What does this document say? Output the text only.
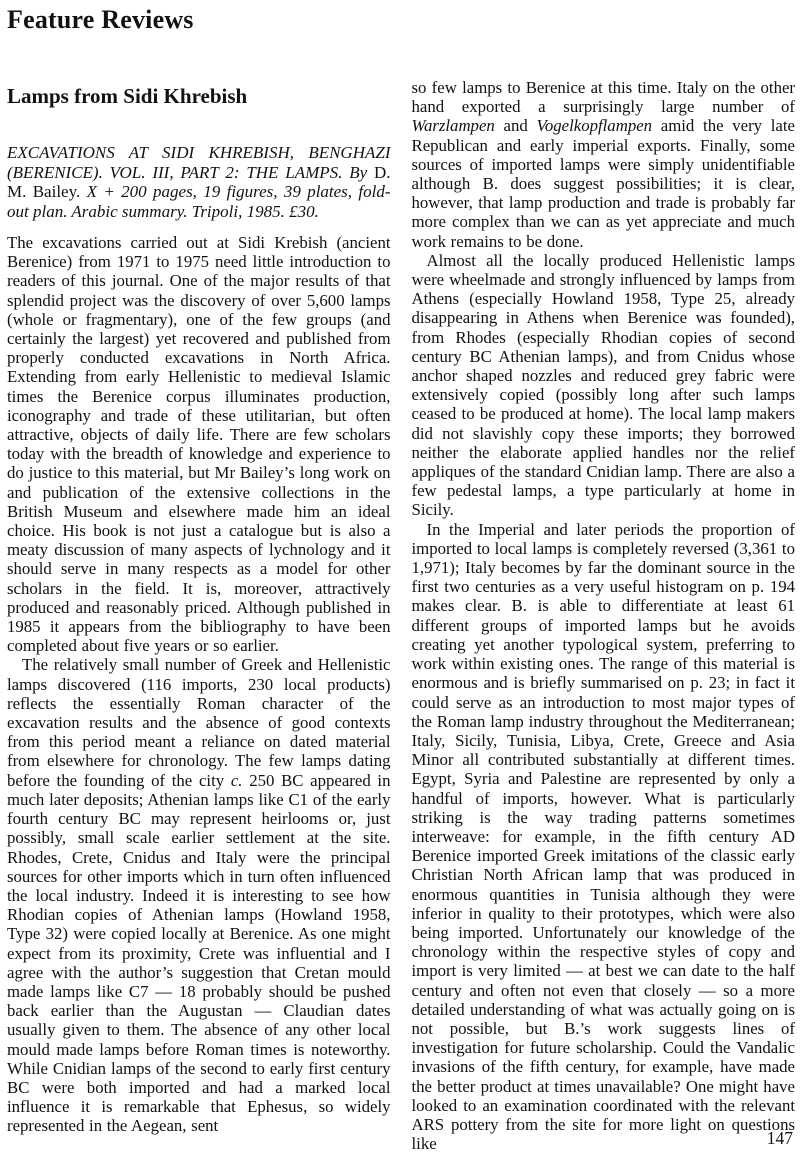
Feature Reviews
Lamps from Sidi Khrebish

EXCAVATIONS AT SIDI KHREBISH, BENGHAZI (BERENICE). VOL. III, PART 2: THE LAMPS. By D. M. Bailey. X + 200 pages, 19 figures, 39 plates, fold-out plan. Arabic summary. Tripoli, 1985. £30.

The excavations carried out at Sidi Krebish (ancient Berenice) from 1971 to 1975 need little introduction to readers of this journal. One of the major results of that splendid project was the discovery of over 5,600 lamps (whole or fragmentary), one of the few groups (and certainly the largest) yet recovered and published from properly conducted excavations in North Africa. Extending from early Hellenistic to medieval Islamic times the Berenice corpus illuminates production, iconography and trade of these utilitarian, but often attractive, objects of daily life. There are few scholars today with the breadth of knowledge and experience to do justice to this material, but Mr Bailey’s long work on and publication of the extensive collections in the British Museum and elsewhere made him an ideal choice. His book is not just a catalogue but is also a meaty discussion of many aspects of lychnology and it should serve in many respects as a model for other scholars in the field. It is, moreover, attractively produced and reasonably priced. Although published in 1985 it appears from the bibliography to have been completed about five years or so earlier.

The relatively small number of Greek and Hellenistic lamps discovered (116 imports, 230 local products) reflects the essentially Roman character of the excavation results and the absence of good contexts from this period meant a reliance on dated material from elsewhere for chronology. The few lamps dating before the founding of the city c. 250 BC appeared in much later deposits; Athenian lamps like C1 of the early fourth century BC may represent heirlooms or, just possibly, small scale earlier settlement at the site. Rhodes, Crete, Cnidus and Italy were the principal sources for other imports which in turn often influenced the local industry. Indeed it is interesting to see how Rhodian copies of Athenian lamps (Howland 1958, Type 32) were copied locally at Berenice. As one might expect from its proximity, Crete was influential and I agree with the author’s suggestion that Cretan mould made lamps like C7 — 18 probably should be pushed back earlier than the Augustan — Claudian dates usually given to them. The absence of any other local mould made lamps before Roman times is noteworthy. While Cnidian lamps of the second to early first century BC were both imported and had a marked local influence it is remarkable that Ephesus, so widely represented in the Aegean, sent

so few lamps to Berenice at this time. Italy on the other hand exported a surprisingly large number of Warzlampen and Vogelkopflampen amid the very late Republican and early imperial exports. Finally, some sources of imported lamps were simply unidentifiable although B. does suggest possibilities; it is clear, however, that lamp production and trade is probably far more complex than we can as yet appreciate and much work remains to be done.

Almost all the locally produced Hellenistic lamps were wheelmade and strongly influenced by lamps from Athens (especially Howland 1958, Type 25, already disappearing in Athens when Berenice was founded), from Rhodes (especially Rhodian copies of second century BC Athenian lamps), and from Cnidus whose anchor shaped nozzles and reduced grey fabric were extensively copied (possibly long after such lamps ceased to be produced at home). The local lamp makers did not slavishly copy these imports; they borrowed neither the elaborate applied handles nor the relief appliques of the standard Cnidian lamp. There are also a few pedestal lamps, a type particularly at home in Sicily.

In the Imperial and later periods the proportion of imported to local lamps is completely reversed (3,361 to 1,971); Italy becomes by far the dominant source in the first two centuries as a very useful histogram on p. 194 makes clear. B. is able to differentiate at least 61 different groups of imported lamps but he avoids creating yet another typological system, preferring to work within existing ones. The range of this material is enormous and is briefly summarised on p. 23; in fact it could serve as an introduction to most major types of the Roman lamp industry throughout the Mediterranean; Italy, Sicily, Tunisia, Libya, Crete, Greece and Asia Minor all contributed substantially at different times. Egypt, Syria and Palestine are represented by only a handful of imports, however. What is particularly striking is the way trading patterns sometimes interweave: for example, in the fifth century AD Berenice imported Greek imitations of the classic early Christian North African lamp that was produced in enormous quantities in Tunisia although they were inferior in quality to their prototypes, which were also being imported. Unfortunately our knowledge of the chronology within the respective styles of copy and import is very limited — at best we can date to the half century and often not even that closely — so a more detailed understanding of what was actually going on is not possible, but B.’s work suggests lines of investigation for future scholarship. Could the Vandalic invasions of the fifth century, for example, have made the better product at times unavailable? One might have looked to an examination coordinated with the relevant ARS pottery from the site for more light on questions like	147
